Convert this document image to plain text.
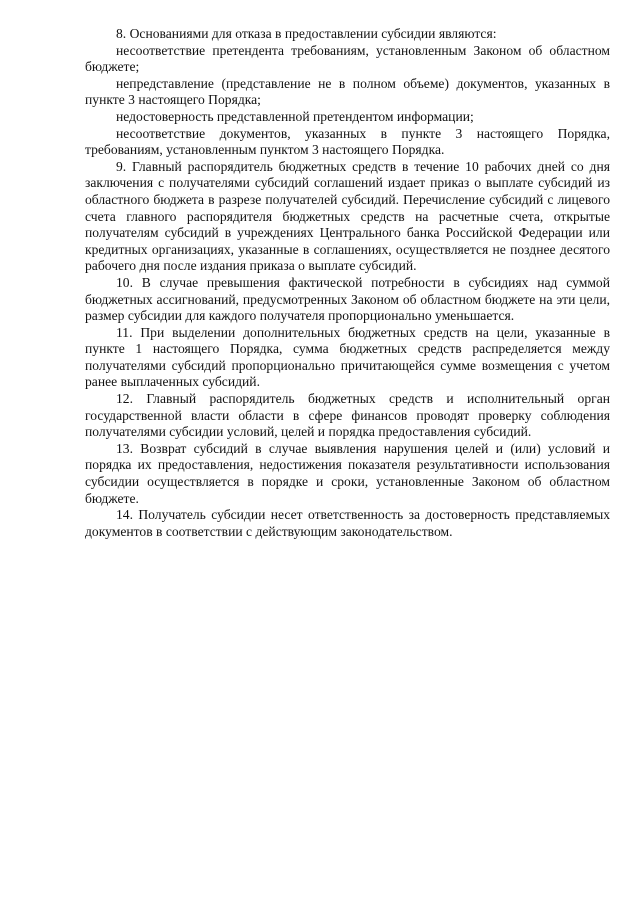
8. Основаниями для отказа в предоставлении субсидии являются:

несоответствие претендента требованиям, установленным Законом об областном бюджете;

непредставление (представление не в полном объеме) документов, указанных в пункте 3 настоящего Порядка;

недостоверность представленной претендентом информации;

несоответствие документов, указанных в пункте 3 настоящего Порядка, требованиям, установленным пунктом 3 настоящего Порядка.

9. Главный распорядитель бюджетных средств в течение 10 рабочих дней со дня заключения с получателями субсидий соглашений издает приказ о выплате субсидий из областного бюджета в разрезе получателей субсидий. Перечисление субсидий с лицевого счета главного распорядителя бюджетных средств на расчетные счета, открытые получателям субсидий в учреждениях Центрального банка Российской Федерации или кредитных организациях, указанные в соглашениях, осуществляется не позднее десятого рабочего дня после издания приказа о выплате субсидий.

10. В случае превышения фактической потребности в субсидиях над суммой бюджетных ассигнований, предусмотренных Законом об областном бюджете на эти цели, размер субсидии для каждого получателя пропорционально уменьшается.

11. При выделении дополнительных бюджетных средств на цели, указанные в пункте 1 настоящего Порядка, сумма бюджетных средств распределяется между получателями субсидий пропорционально причитающейся сумме возмещения с учетом ранее выплаченных субсидий.

12. Главный распорядитель бюджетных средств и исполнительный орган государственной власти области в сфере финансов проводят проверку соблюдения получателями субсидии условий, целей и порядка предоставления субсидий.

13. Возврат субсидий в случае выявления нарушения целей и (или) условий и порядка их предоставления, недостижения показателя результативности использования субсидии осуществляется в порядке и сроки, установленные Законом об областном бюджете.

14. Получатель субсидии несет ответственность за достоверность представляемых документов в соответствии с действующим законодательством.
